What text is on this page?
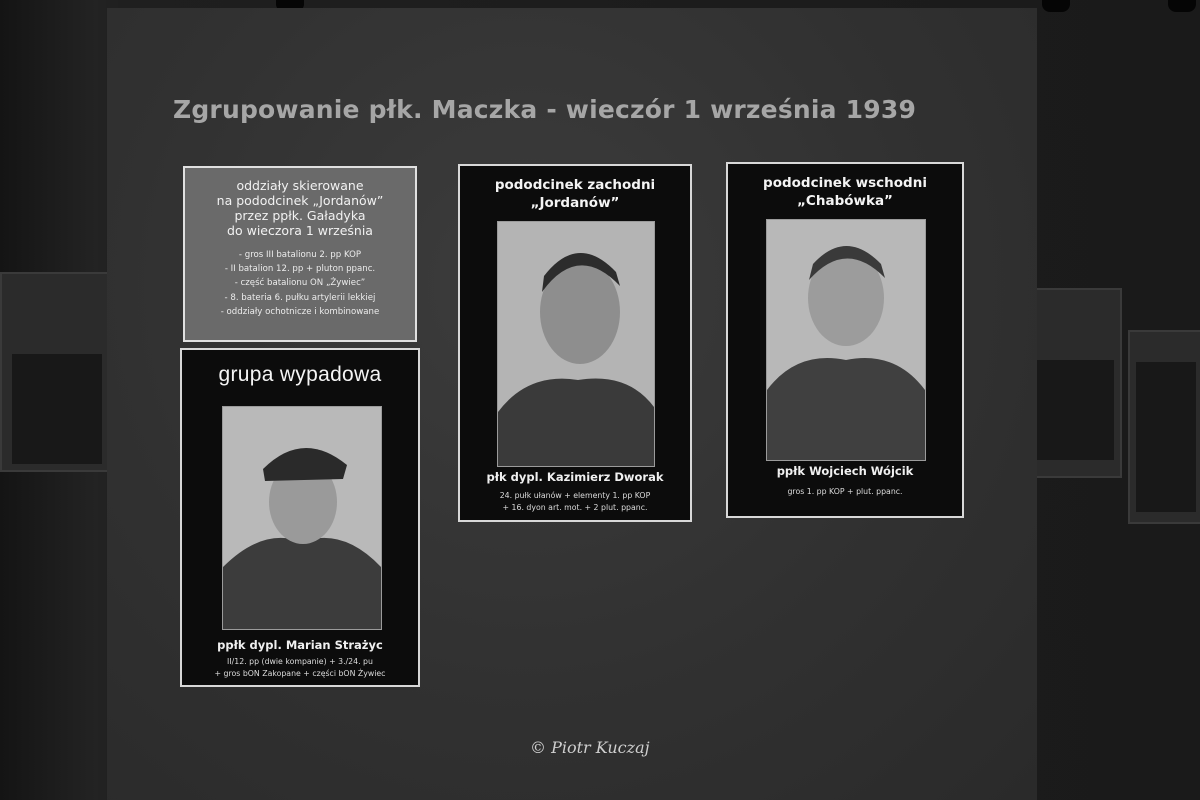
Zgrupowanie płk. Maczka - wieczór 1 września 1939
oddziały skierowane
na pododcinek „Jordanów”
przez ppłk. Gaładyka
do wieczora 1 września
- gros III batalionu 2. pp KOP
- II batalion 12. pp + pluton ppanc.
- część batalionu ON „Żywiec”
- 8. bateria 6. pułku artylerii lekkiej
- oddziały ochotnicze i kombinowane
grupa wypadowa
ppłk dypl. Marian Strażyc
II/12. pp (dwie kompanie) + 3./24. pu
+ gros bON Zakopane + części bON Żywiec
pododcinek zachodni
„Jordanów”
płk dypl. Kazimierz Dworak
24. pułk ułanów + elementy 1. pp KOP
+ 16. dyon art. mot. + 2 plut. ppanc.
pododcinek wschodni
„Chabówka”
ppłk Wojciech Wójcik
gros 1. pp KOP + plut. ppanc.
© Piotr Kuczaj
